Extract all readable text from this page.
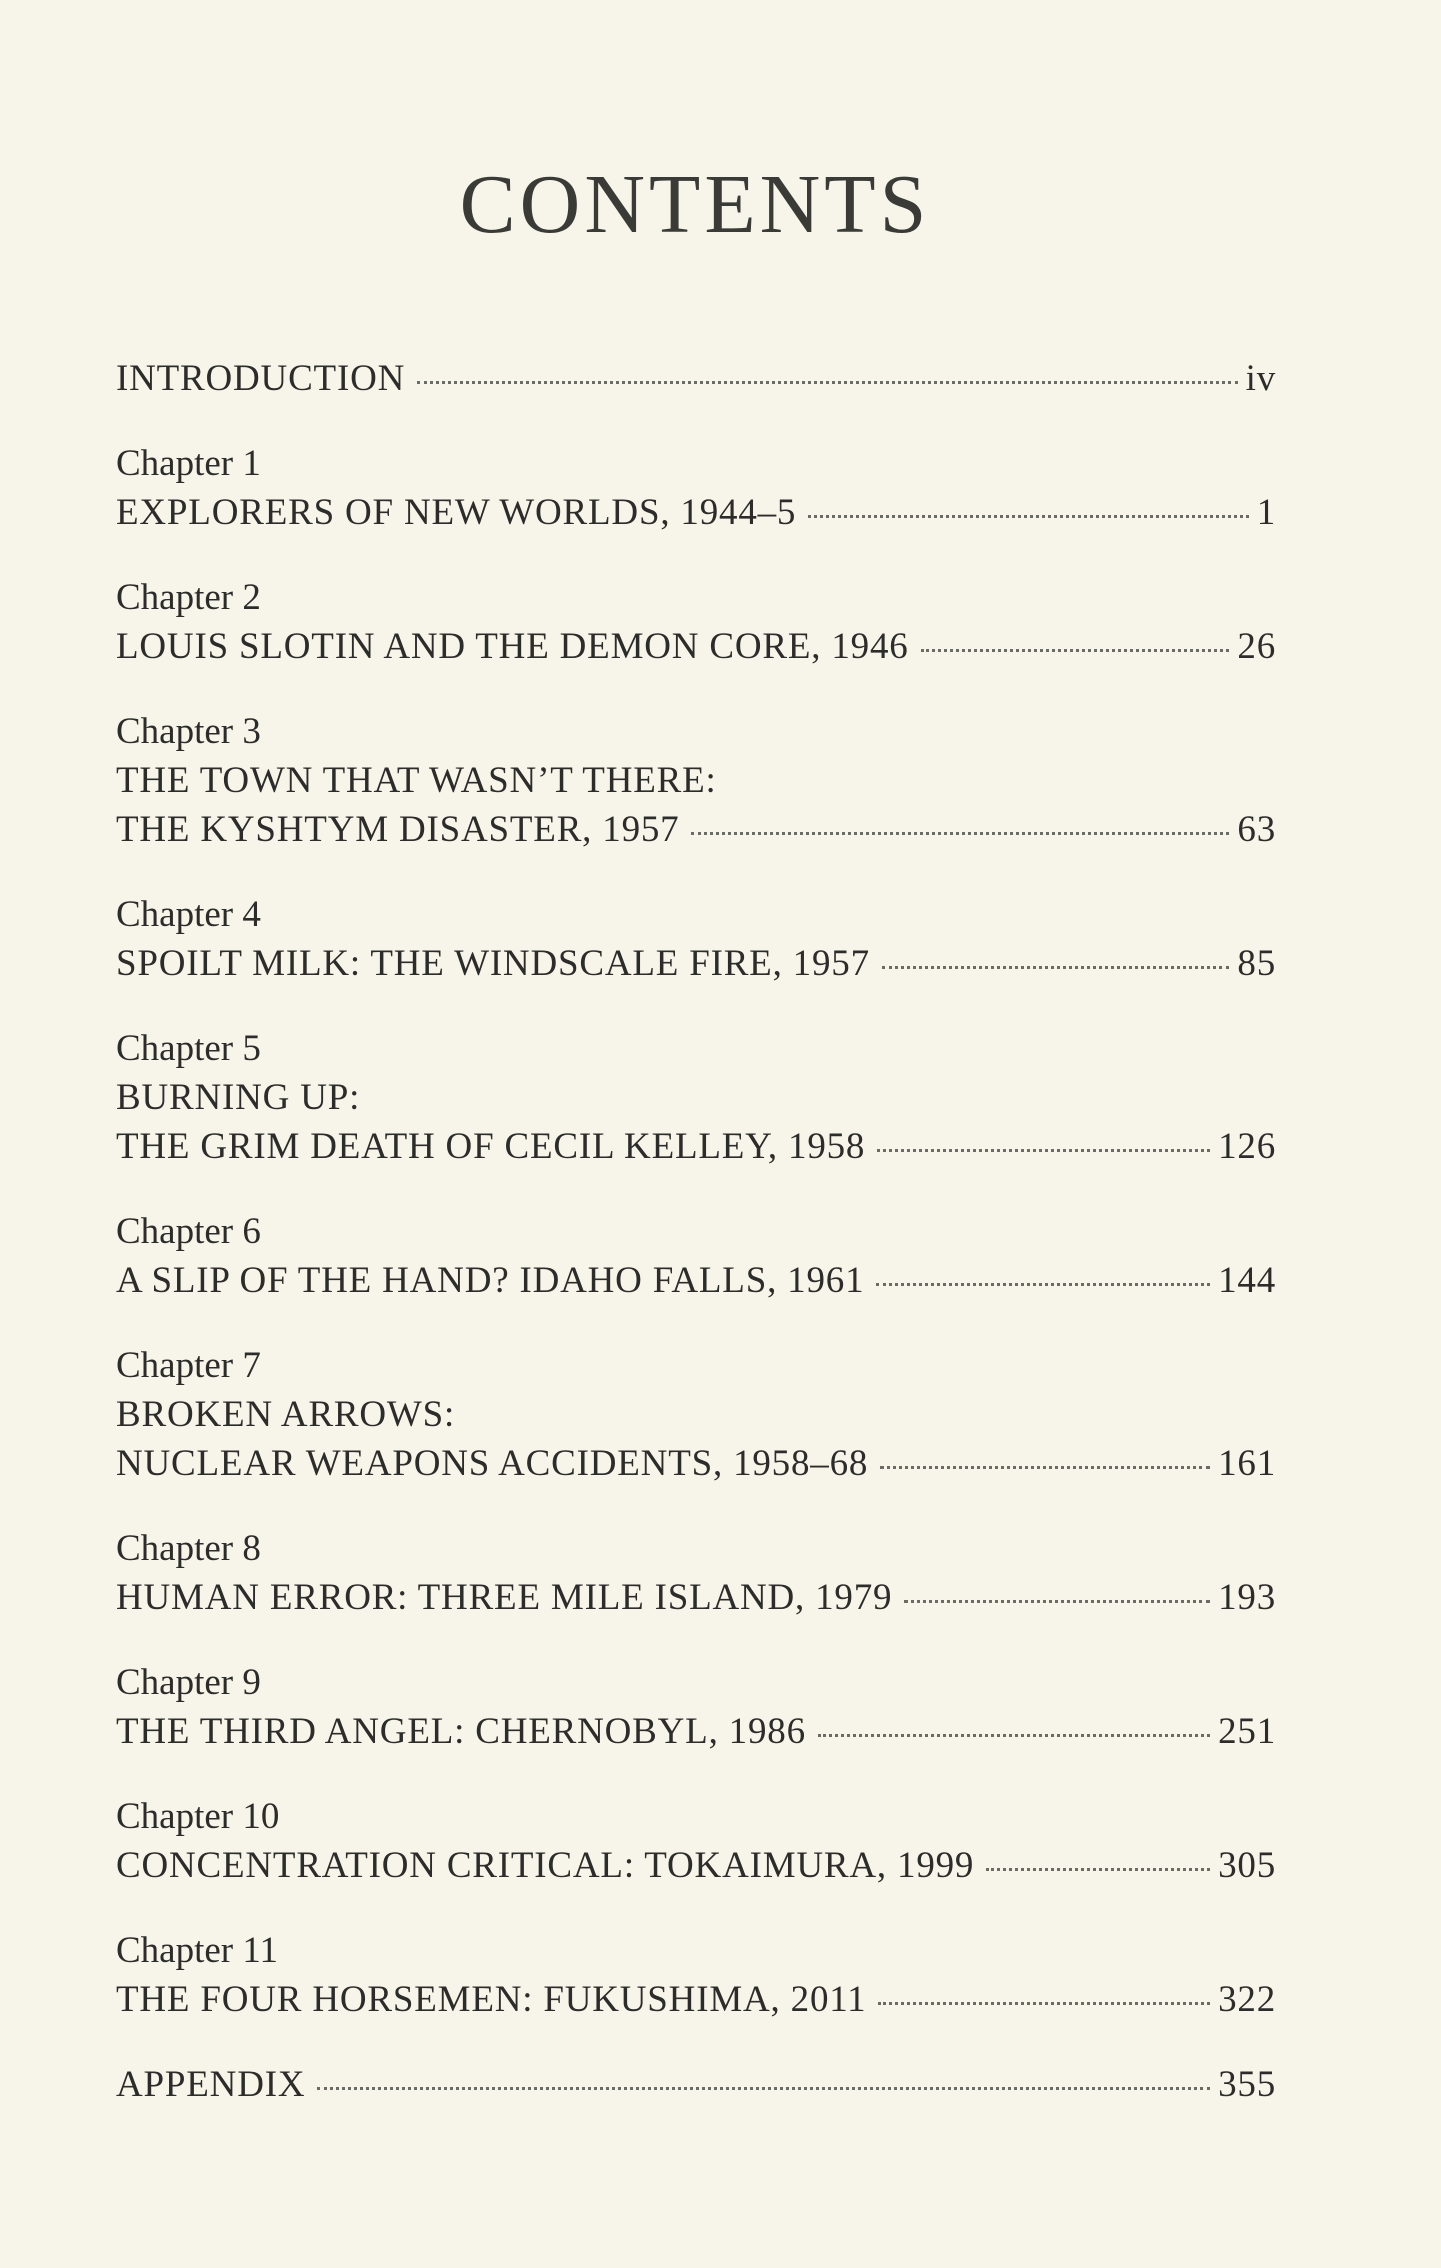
CONTENTS
INTRODUCTION	iv
Chapter 1
EXPLORERS OF NEW WORLDS, 1944–5	1
Chapter 2
LOUIS SLOTIN AND THE DEMON CORE, 1946	26
Chapter 3
THE TOWN THAT WASN’T THERE:
THE KYSHTYM DISASTER, 1957	63
Chapter 4
SPOILT MILK: THE WINDSCALE FIRE, 1957	85
Chapter 5
BURNING UP:
THE GRIM DEATH OF CECIL KELLEY, 1958	126
Chapter 6
A SLIP OF THE HAND? IDAHO FALLS, 1961	144
Chapter 7
BROKEN ARROWS:
NUCLEAR WEAPONS ACCIDENTS, 1958–68	161
Chapter 8
HUMAN ERROR: THREE MILE ISLAND, 1979	193
Chapter 9
THE THIRD ANGEL: CHERNOBYL, 1986	251
Chapter 10
CONCENTRATION CRITICAL: TOKAIMURA, 1999	305
Chapter 11
THE FOUR HORSEMEN: FUKUSHIMA, 2011	322
APPENDIX	355
